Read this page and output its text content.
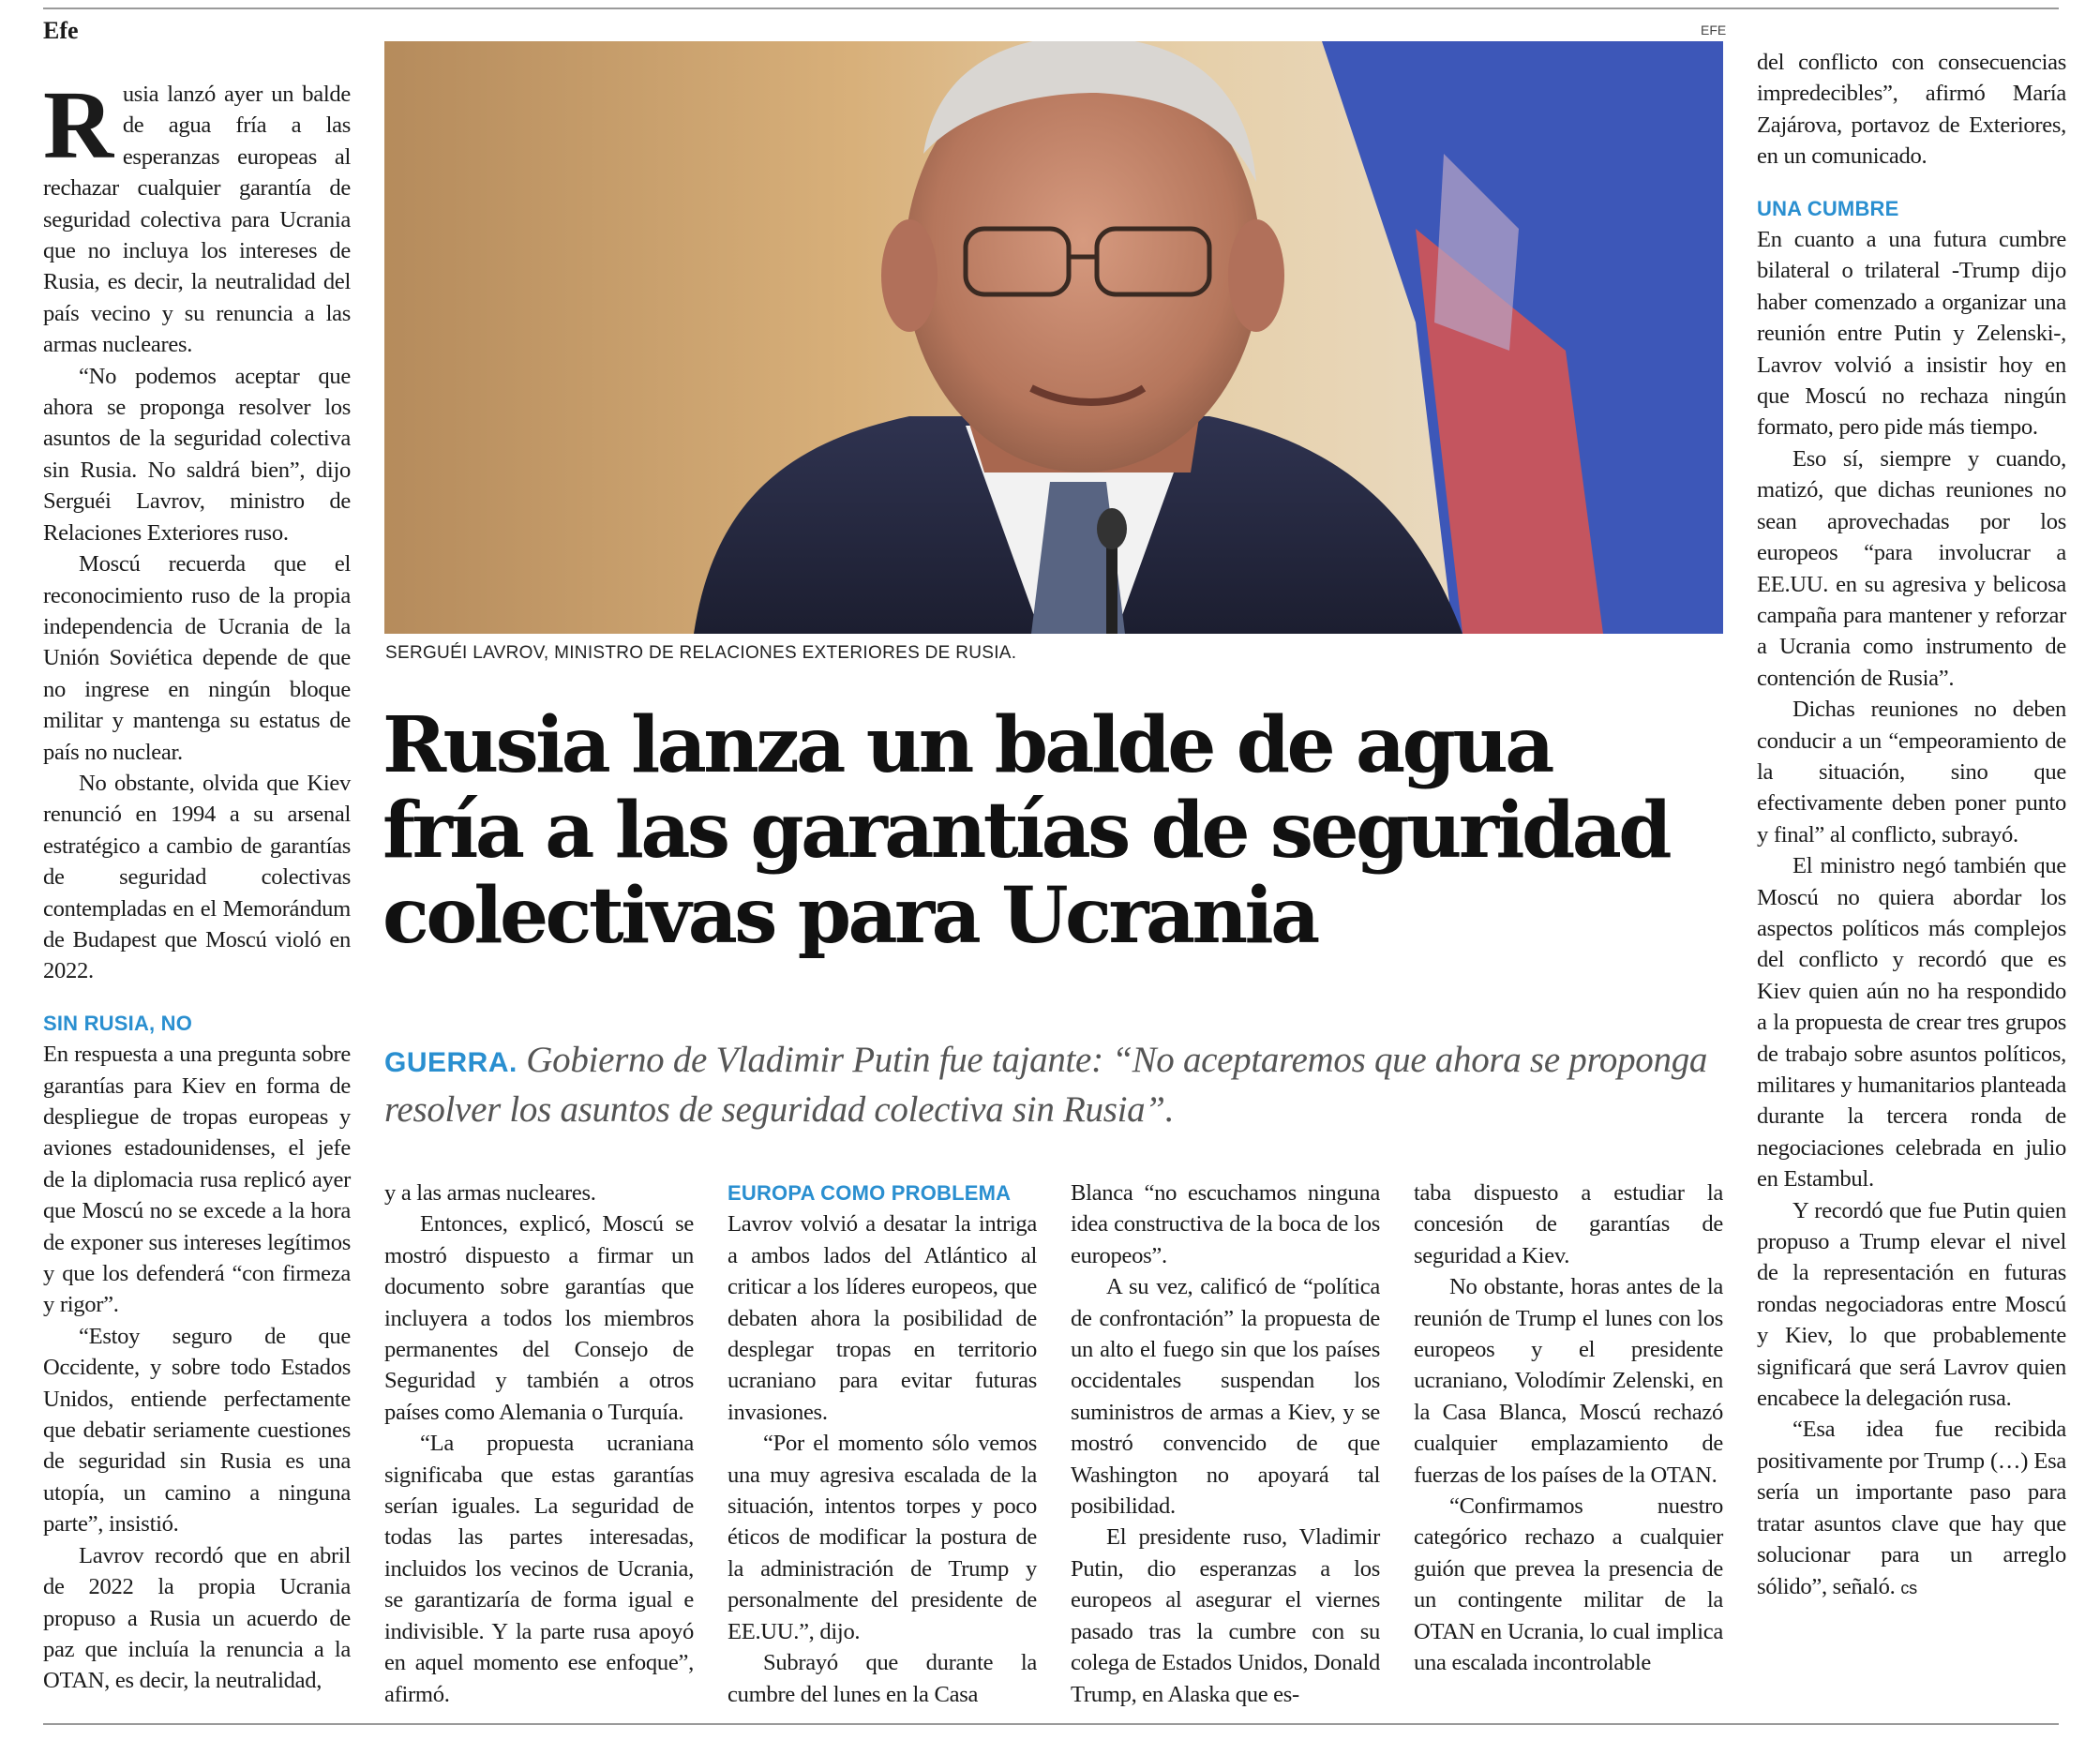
Efe	EFE
SERGUÉI LAVROV, MINISTRO DE RELACIONES EXTERIORES DE RUSIA.
Rusia lanza un balde de agua
fría a las garantías de seguridad
colectivas para Ucrania

GUERRA. Gobierno de Vladimir Putin fue tajante: “No aceptaremos que ahora se proponga resolver los asuntos de seguridad colectiva sin Rusia”.

Rusia lanzó ayer un balde de agua fría a las esperanzas europeas al rechazar cualquier garantía de seguridad colectiva para Ucrania que no incluya los intereses de Rusia, es decir, la neutralidad del país vecino y su renuncia a las armas nucleares.

“No podemos aceptar que ahora se proponga resolver los asuntos de la seguridad colectiva sin Rusia. No saldrá bien”, dijo Serguéi Lavrov, ministro de Relaciones Exteriores ruso.

Moscú recuerda que el reconocimiento ruso de la propia independencia de Ucrania de la Unión Soviética depende de que no ingrese en ningún bloque militar y mantenga su estatus de país no nuclear.

No obstante, olvida que Kiev renunció en 1994 a su arsenal estratégico a cambio de garantías de seguridad colectivas contempladas en el Memorándum de Budapest que Moscú violó en 2022.

SIN RUSIA, NO

En respuesta a una pregunta sobre garantías para Kiev en forma de despliegue de tropas europeas y aviones estadounidenses, el jefe de la diplomacia rusa replicó ayer que Moscú no se excede a la hora de exponer sus intereses legítimos y que los defenderá “con firmeza y rigor”.

“Estoy seguro de que Occidente, y sobre todo Estados Unidos, entiende perfectamente que debatir seriamente cuestiones de seguridad sin Rusia es una utopía, un camino a ninguna parte”, insistió.

Lavrov recordó que en abril de 2022 la propia Ucrania propuso a Rusia un acuerdo de paz que incluía la renuncia a la OTAN, es decir, la neutralidad,

y a las armas nucleares.

Entonces, explicó, Moscú se mostró dispuesto a firmar un documento sobre garantías que incluyera a todos los miembros permanentes del Consejo de Seguridad y también a otros países como Alemania o Turquía.

“La propuesta ucraniana significaba que estas garantías serían iguales. La seguridad de todas las partes interesadas, incluidos los vecinos de Ucrania, se garantizaría de forma igual e indivisible. Y la parte rusa apoyó en aquel momento ese enfoque”, afirmó.

EUROPA COMO PROBLEMA

Lavrov volvió a desatar la intriga a ambos lados del Atlántico al criticar a los líderes europeos, que debaten ahora la posibilidad de desplegar tropas en territorio ucraniano para evitar futuras invasiones.

“Por el momento sólo vemos una muy agresiva escalada de la situación, intentos torpes y poco éticos de modificar la postura de la administración de Trump y personalmente del presidente de EE.UU.”, dijo.

Subrayó que durante la cumbre del lunes en la Casa

Blanca “no escuchamos ninguna idea constructiva de la boca de los europeos”.

A su vez, calificó de “política de confrontación” la propuesta de un alto el fuego sin que los países occidentales suspendan los suministros de armas a Kiev, y se mostró convencido de que Washington no apoyará tal posibilidad.

El presidente ruso, Vladimir Putin, dio esperanzas a los europeos al asegurar el viernes pasado tras la cumbre con su colega de Estados Unidos, Donald Trump, en Alaska que es-

taba dispuesto a estudiar la concesión de garantías de seguridad a Kiev.

No obstante, horas antes de la reunión de Trump el lunes con los europeos y el presidente ucraniano, Volodímir Zelenski, en la Casa Blanca, Moscú rechazó cualquier emplazamiento de fuerzas de los países de la OTAN.

“Confirmamos nuestro categórico rechazo a cualquier guión que prevea la presencia de un contingente militar de la OTAN en Ucrania, lo cual implica una escalada incontrolable

del conflicto con consecuencias impredecibles”, afirmó María Zajárova, portavoz de Exteriores, en un comunicado.

UNA CUMBRE

En cuanto a una futura cumbre bilateral o trilateral -Trump dijo haber comenzado a organizar una reunión entre Putin y Zelenski-, Lavrov volvió a insistir hoy en que Moscú no rechaza ningún formato, pero pide más tiempo.

Eso sí, siempre y cuando, matizó, que dichas reuniones no sean aprovechadas por los europeos “para involucrar a EE.UU. en su agresiva y belicosa campaña para mantener y reforzar a Ucrania como instrumento de contención de Rusia”.

Dichas reuniones no deben conducir a un “empeoramiento de la situación, sino que efectivamente deben poner punto y final” al conflicto, subrayó.

El ministro negó también que Moscú no quiera abordar los aspectos políticos más complejos del conflicto y recordó que es Kiev quien aún no ha respondido a la propuesta de crear tres grupos de trabajo sobre asuntos políticos, militares y humanitarios planteada durante la tercera ronda de negociaciones celebrada en julio en Estambul.

Y recordó que fue Putin quien propuso a Trump elevar el nivel de la representación en futuras rondas negociadoras entre Moscú y Kiev, lo que probablemente significará que será Lavrov quien encabece la delegación rusa.

“Esa idea fue recibida positivamente por Trump (…) Esa sería un importante paso para tratar asuntos clave que hay que solucionar para un arreglo sólido”, señaló. cs
